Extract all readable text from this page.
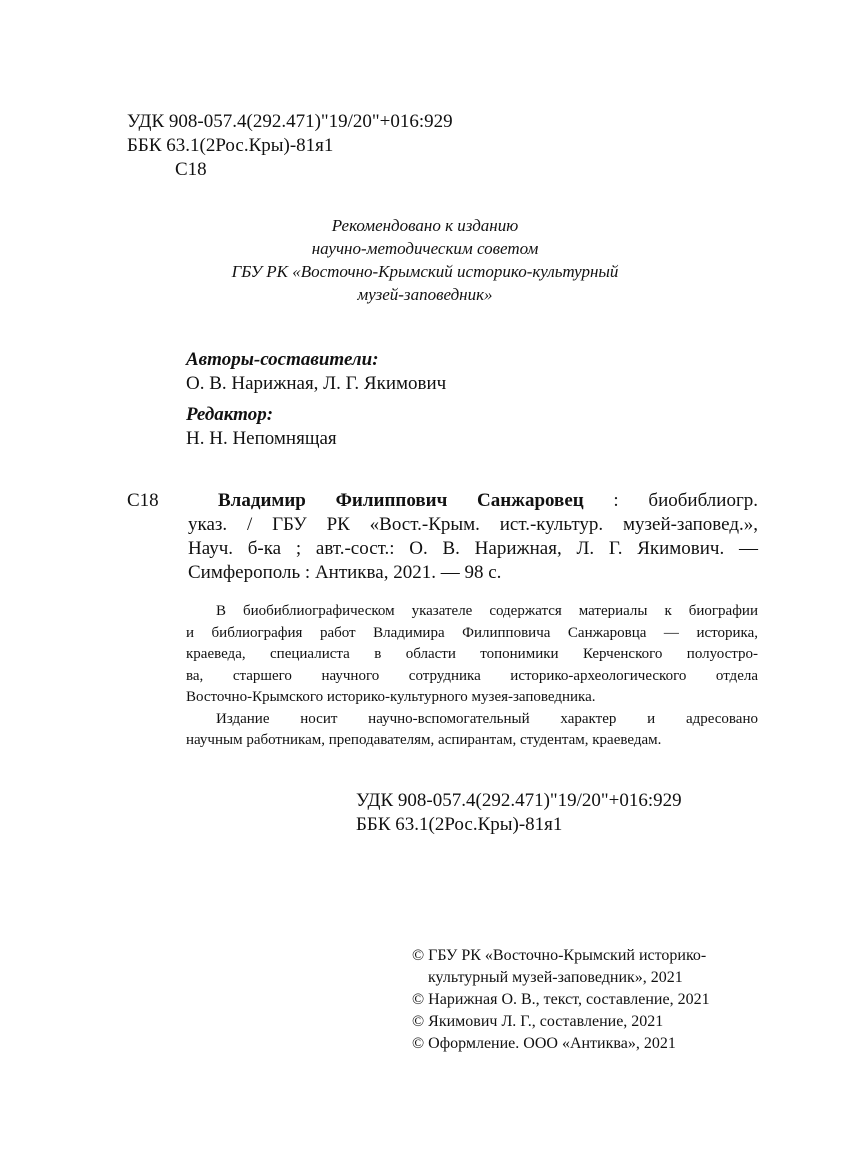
УДК 908-057.4(292.471)"19/20"+016:929
ББК 63.1(2Рос.Кры)-81я1
С18
Рекомендовано к изданию
научно-методическим советом
ГБУ РК «Восточно-Крымский историко-культурный
музей-заповедник»
Авторы-составители:
О. В. Нарижная, Л. Г. Якимович
Редактор:
Н. Н. Непомнящая
С18	Владимир Филиппович Санжаровец : биобиблиогр.
указ. / ГБУ РК «Вост.-Крым. ист.-культур. музей-заповед.»,
Науч. б-ка ; авт.-сост.: О. В. Нарижная, Л. Г. Якимович. —
Симферополь : Антиква, 2021. — 98 с.
В биобиблиографическом указателе содержатся материалы к биографии
и библиография работ Владимира Филипповича Санжаровца — историка,
краеведа, специалиста в области топонимики Керченского полуостро-
ва, старшего научного сотрудника историко-археологического отдела
Восточно-Крымского историко-культурного музея-заповедника.
Издание носит научно-вспомогательный характер и адресовано
научным работникам, преподавателям, аспирантам, студентам, краеведам.
УДК 908-057.4(292.471)"19/20"+016:929
ББК 63.1(2Рос.Кры)-81я1
© ГБУ РК «Восточно-Крымский историко-
культурный музей-заповедник», 2021
© Нарижная О. В., текст, составление, 2021
© Якимович Л. Г., составление, 2021
© Оформление. ООО «Антиква», 2021
